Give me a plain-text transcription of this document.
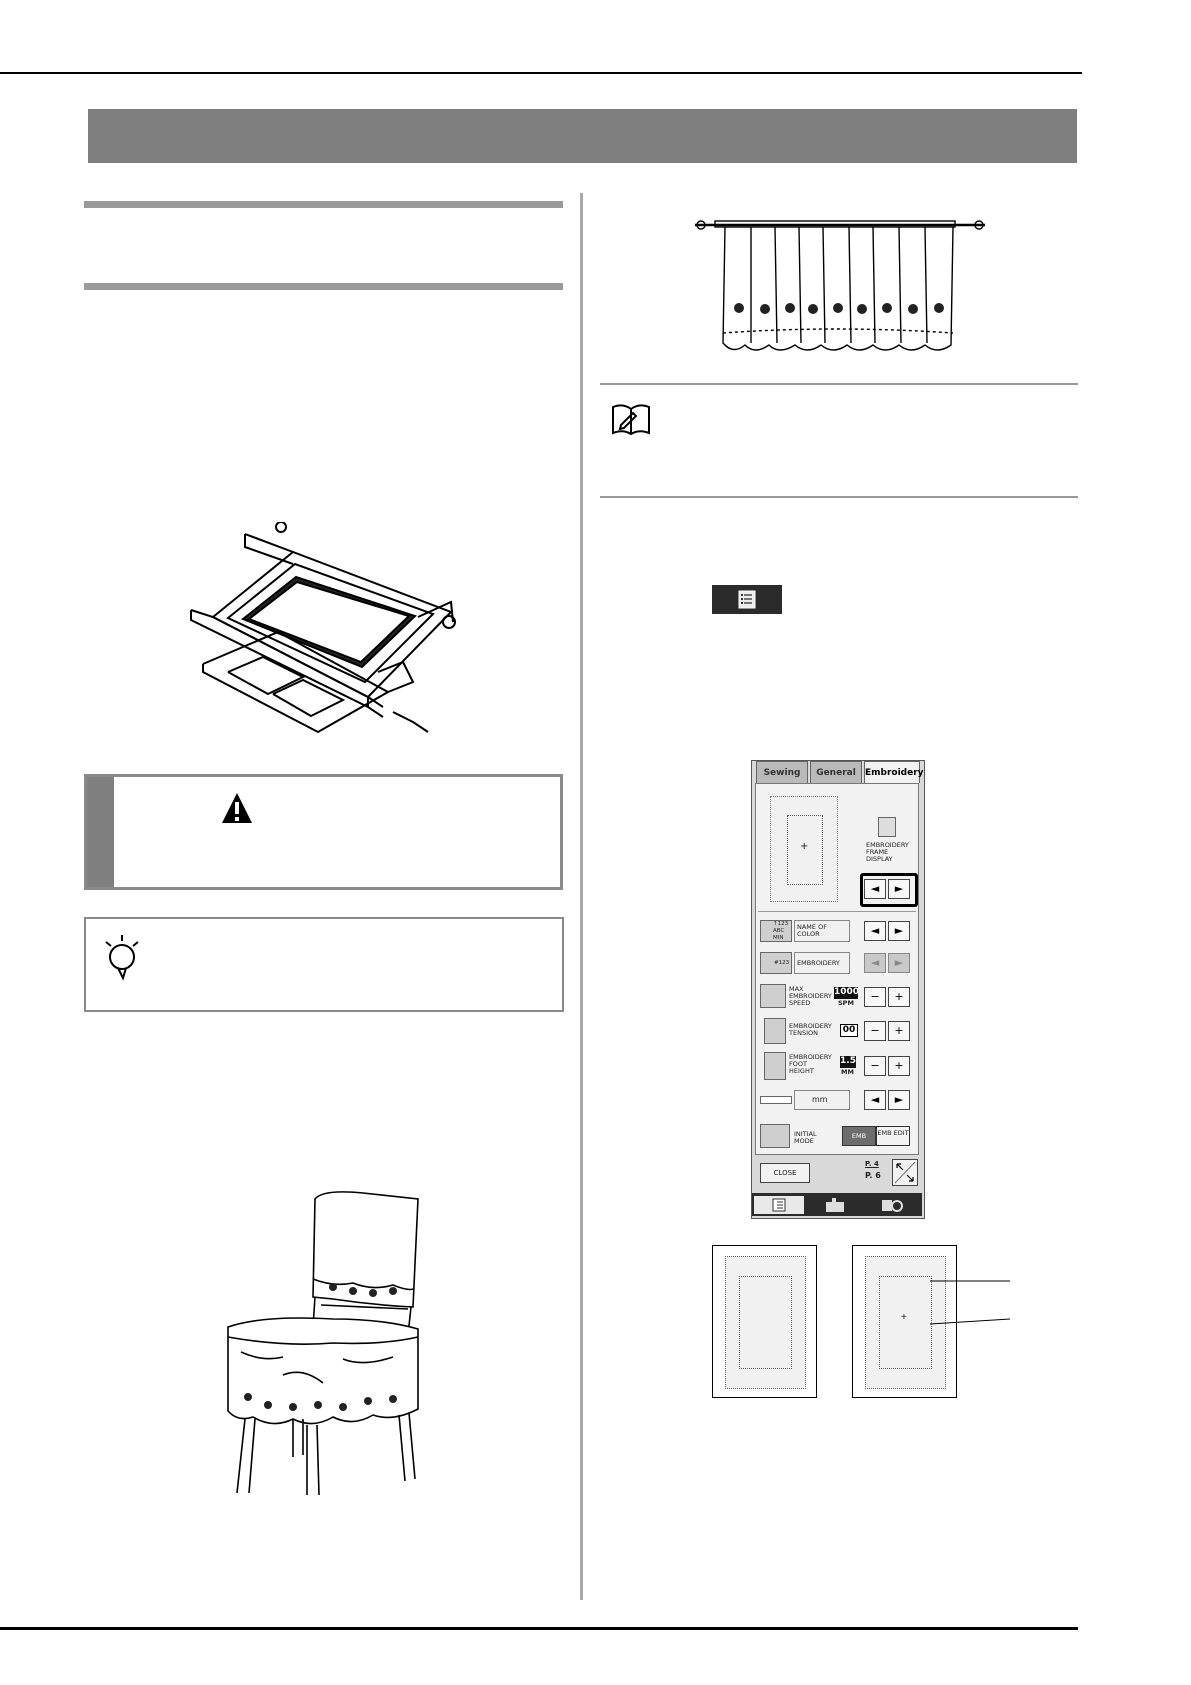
Sewing	General	Embroidery
+	EMBROIDERY FRAME DISPLAY
◄	►
↑123 ABC MIN
NAME OF COLOR	◄	►
#123	EMBROIDERY	◄	►
MAX EMBROIDERY SPEED
1000
SPM	−	+
EMBROIDERY TENSION	00	−	+
EMBROIDERY FOOT HEIGHT
1.5
MM	−	+
mm	◄	►
INITIAL MODE
EMB	EMB EDIT
CLOSE
P. 4
P. 6
+
